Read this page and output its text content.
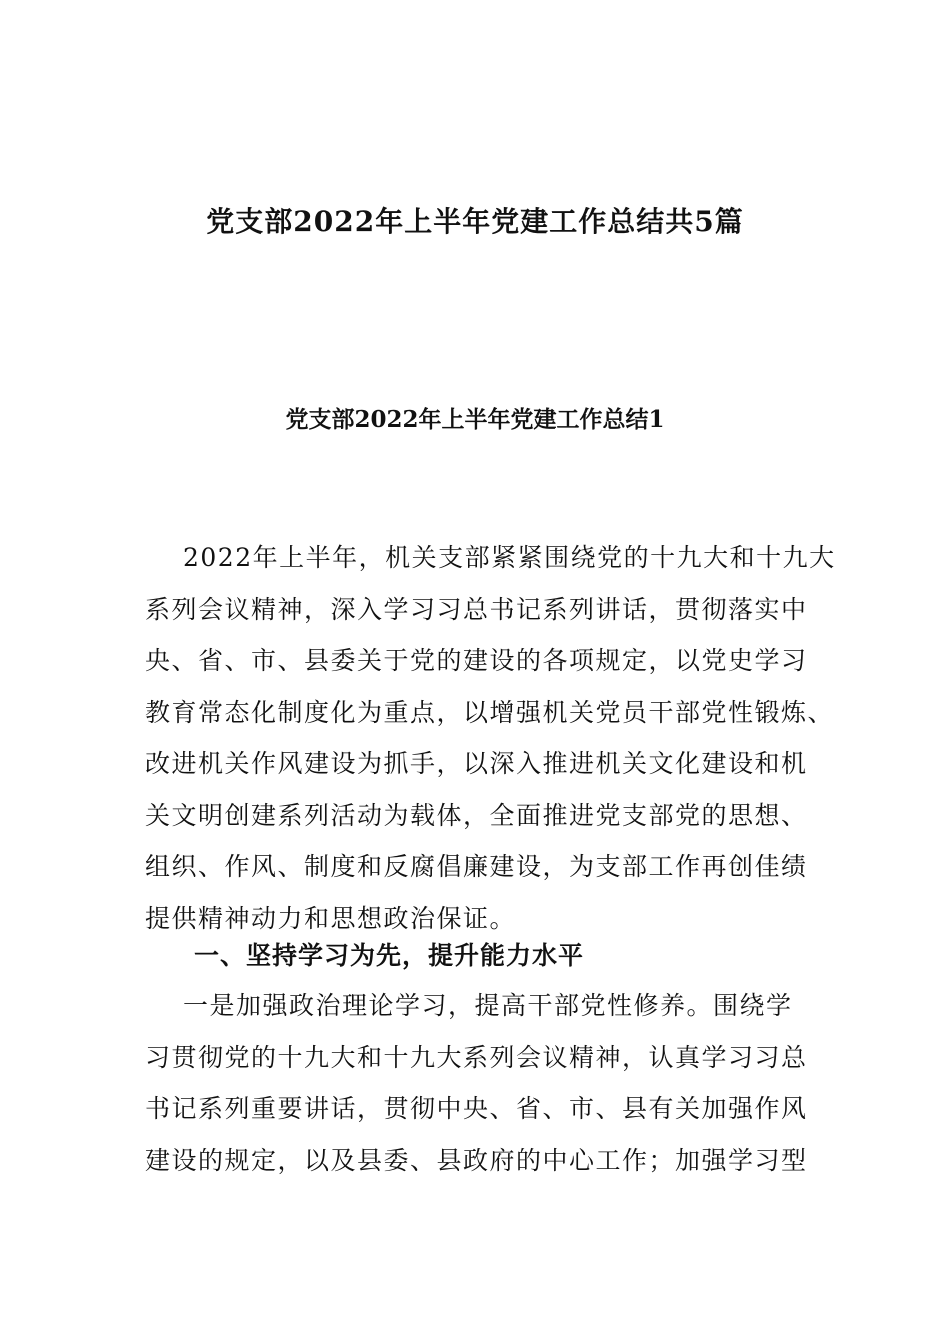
党支部2022年上半年党建工作总结共5篇
党支部2022年上半年党建工作总结1
2022年上半年，机关支部紧紧围绕党的十九大和十九大
系列会议精神，深入学习习总书记系列讲话，贯彻落实中
央、省、市、县委关于党的建设的各项规定，以党史学习
教育常态化制度化为重点，以增强机关党员干部党性锻炼、
改进机关作风建设为抓手，以深入推进机关文化建设和机
关文明创建系列活动为载体，全面推进党支部党的思想、
组织、作风、制度和反腐倡廉建设，为支部工作再创佳绩
提供精神动力和思想政治保证。
一、坚持学习为先，提升能力水平
一是加强政治理论学习，提高干部党性修养。围绕学
习贯彻党的十九大和十九大系列会议精神，认真学习习总
书记系列重要讲话，贯彻中央、省、市、县有关加强作风
建设的规定，以及县委、县政府的中心工作；加强学习型
